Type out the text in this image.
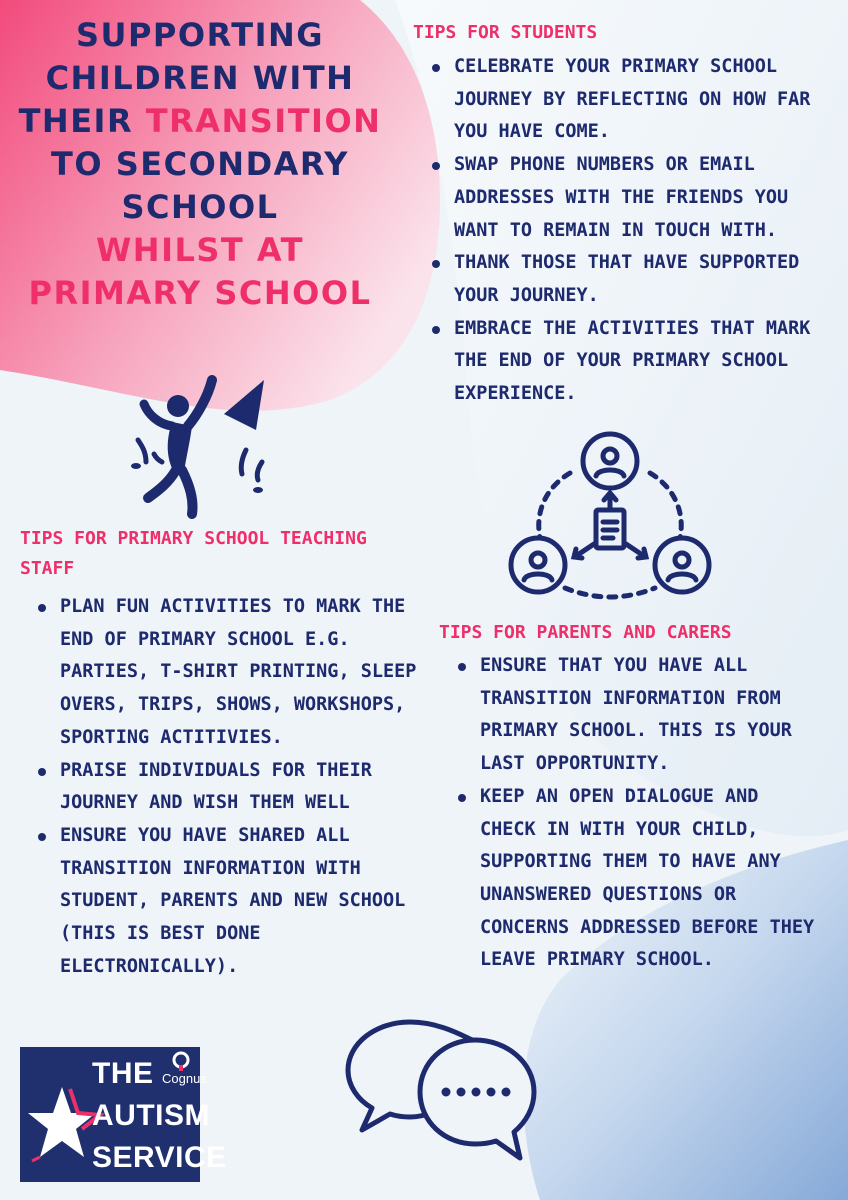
SUPPORTING
CHILDREN WITH
THEIR TRANSITION
TO SECONDARY
SCHOOL
WHILST AT
PRIMARY SCHOOL
TIPS FOR STUDENTS
CELEBRATE YOUR PRIMARY SCHOOL JOURNEY BY REFLECTING ON HOW FAR YOU HAVE COME.
SWAP PHONE NUMBERS OR EMAIL ADDRESSES WITH THE FRIENDS YOU WANT TO REMAIN IN TOUCH WITH.
THANK THOSE THAT HAVE SUPPORTED YOUR JOURNEY.
EMBRACE THE ACTIVITIES THAT MARK THE END OF YOUR PRIMARY SCHOOL EXPERIENCE.
TIPS FOR PRIMARY SCHOOL TEACHING STAFF
PLAN FUN ACTIVITIES TO MARK THE END OF PRIMARY SCHOOL E.G. PARTIES, T-SHIRT PRINTING, SLEEP OVERS, TRIPS, SHOWS, WORKSHOPS, SPORTING ACTITIVIES.
PRAISE INDIVIDUALS FOR THEIR JOURNEY AND WISH THEM WELL
ENSURE YOU HAVE SHARED ALL TRANSITION INFORMATION WITH STUDENT, PARENTS AND NEW SCHOOL (THIS IS BEST DONE ELECTRONICALLY).
TIPS FOR PARENTS AND CARERS
ENSURE THAT YOU HAVE ALL TRANSITION INFORMATION FROM PRIMARY SCHOOL. THIS IS YOUR LAST OPPORTUNITY.
KEEP AN OPEN DIALOGUE AND CHECK IN WITH YOUR CHILD, SUPPORTING THEM TO HAVE ANY UNANSWERED QUESTIONS OR CONCERNS ADDRESSED BEFORE THEY LEAVE PRIMARY SCHOOL.
Cognus
THE
AUTISM
SERVICE
